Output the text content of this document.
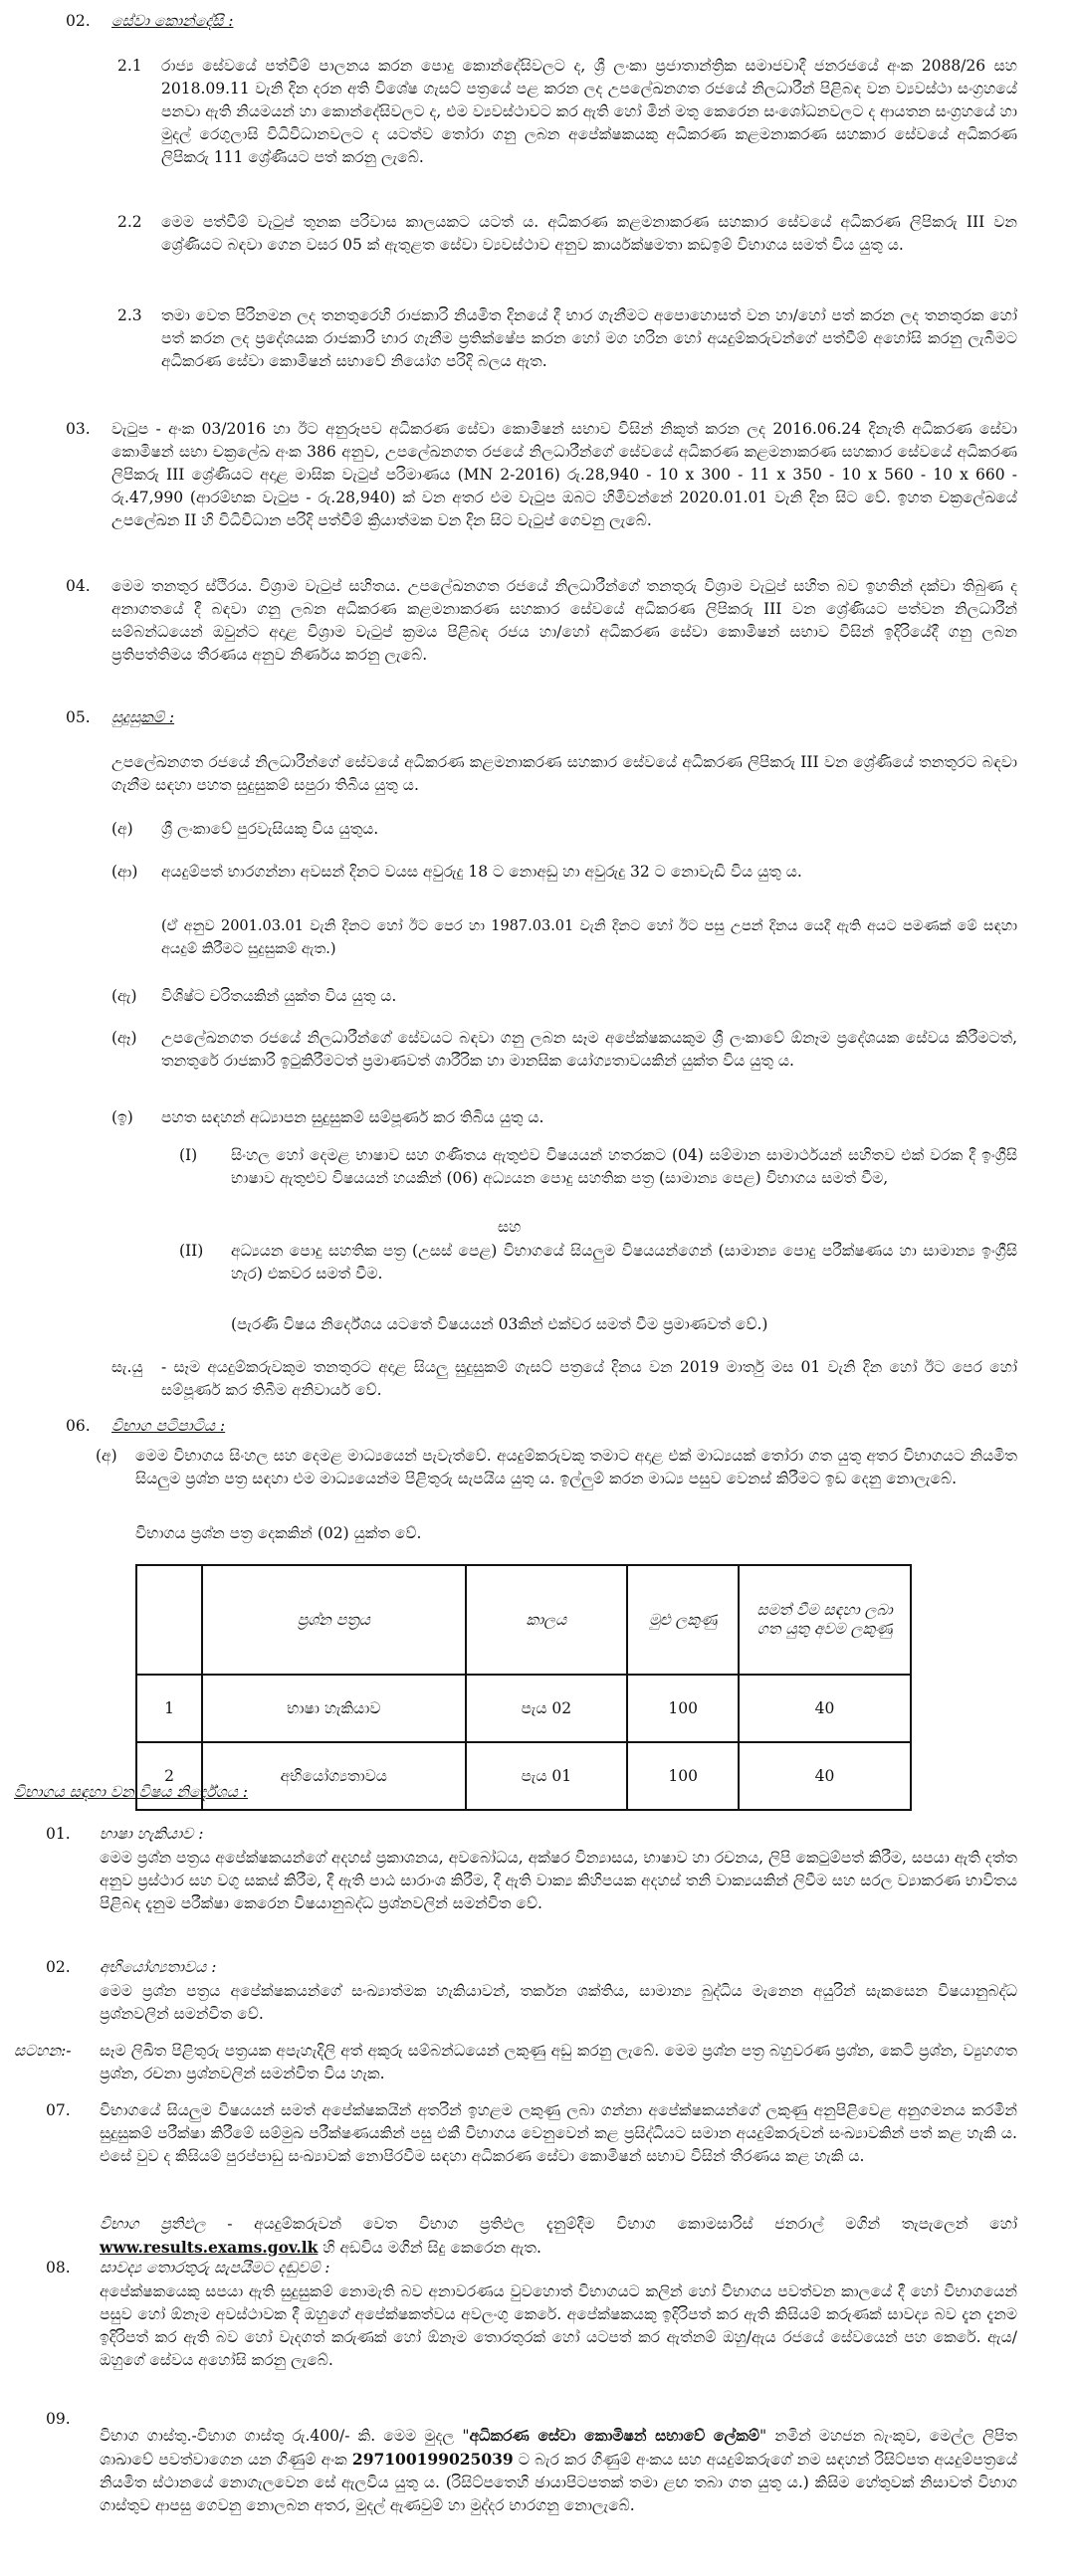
02. සේවා කොන්දේසි :
2.1 රාජ්‍ය සේවයේ පත්වීම් පාලනය කරන පොදු කොන්දේසිවලට ද, ශ්‍රී ලංකා ප්‍රජාතාන්ත්‍රික සමාජවාදී ජනරජයේ අංක 2088/26 සහ 2018.09.11 වැනි දින දරන අති විශේෂ ගැසට් පත්‍රයේ පළ කරන ලද උපලේඛනගත රජයේ නිලධාරීන් පිළිබඳ වන ව්‍යවස්ථා සංග්‍රහයේ පනවා ඇති නියමයන් හා කොන්දේසිවලට ද, එම ව්‍යවස්ථාවට කර ඇති හෝ මින් මතු කෙරෙන සංශෝධනවලට ද ආයතන සංග්‍රහයේ හා මුදල් රෙගුලාසි විධිවිධානවලට ද යටත්ව තෝරා ගනු ලබන අපේක්ෂකයකු අධිකරණ කළමනාකරණ සහකාර සේවයේ අධිකරණ ලිපිකරු 111 ශ්‍රේණියට පත් කරනු ලැබේ.

2.2 මෙම පත්වීම් වැටුප් තුනක පරිවාස කාලයකට යටත් ය. අධිකරණ කළමනාකරණ සහකාර සේවයේ අධිකරණ ලිපිකරු III වන ශ්‍රේණියට බඳවා ගෙන වසර 05 ක් ඇතුළත සේවා ව්‍යවස්ථාව අනුව කාර්යක්ෂමතා කඩඉම් විභාගය සමත් විය යුතු ය.

2.3 තමා වෙත පිරිනමන ලද තනතුරෙහි රාජකාරි නියමිත දිනයේ දී භාර ගැනීමට අපොහොසත් වන හා/හෝ පත් කරන ලද තනතුරක හෝ පත් කරන ලද ප්‍රදේශයක රාජකාරි භාර ගැනීම ප්‍රතික්ෂේප කරන හෝ මග හරින හෝ අයදුම්කරුවන්ගේ පත්වීම් අහෝසි කරනු ලැබීමට අධිකරණ සේවා කොමිෂන් සභාවේ නියෝග පරිදි බලය ඇත.

03. වැටුප - අංක 03/2016 හා ඊට අනුරූපව අධිකරණ සේවා කොමිෂන් සභාව විසින් නිකුත් කරන ලද 2016.06.24 දිනැති අධිකරණ සේවා කොමිෂන් සභා චක්‍රලේඛ අංක 386 අනුව, උපලේඛනගත රජයේ නිලධාරීන්ගේ සේවයේ අධිකරණ කළමනාකරණ සහකාර සේවයේ අධිකරණ ලිපිකරු III ශ්‍රේණියට අදාළ මාසික වැටුප් පරිමාණය (MN 2-2016) රු.28,940 - 10 x 300 - 11 x 350 - 10 x 560 - 10 x 660 - රු.47,990 (ආරම්භක වැටුප - රු.28,940) ක් වන අතර එම වැටුප ඔබට හිමිවන්නේ 2020.01.01 වැනි දින සිට වේ. ඉහත චක්‍රලේඛයේ උපලේඛන II හි විධිවිධාන පරිදි පත්වීම් ක්‍රියාත්මක වන දින සිට වැටුප් ගෙවනු ලැබේ.

04. මෙම තනතුර ස්ථිරය. විශ්‍රාම වැටුප් සහිතය. උපලේඛනගත රජයේ නිලධාරීන්ගේ තනතුරු විශ්‍රාම වැටුප් සහිත බව ඉහතින් දක්වා තිබුණ ද අනාගතයේ දී බඳවා ගනු ලබන අධිකරණ කළමනාකරණ සහකාර සේවයේ අධිකරණ ලිපිකරු III වන ශ්‍රේණියට පත්වන නිලධාරීන් සම්බන්ධයෙන් ඔවුන්ට අදාළ විශ්‍රාම වැටුප් ක්‍රමය පිළිබඳ රජය හා/හෝ අධිකරණ සේවා කොමිෂන් සභාව විසින් ඉදිරියේදී ගනු ලබන ප්‍රතිපත්තිමය තීරණය අනුව නිර්ණය කරනු ලැබේ.

05. සුදුසුකම් :

උපලේඛනගත රජයේ නිලධාරීන්ගේ සේවයේ අධිකරණ කළමනාකරණ සහකාර සේවයේ අධිකරණ ලිපිකරු III වන ශ්‍රේණියේ තනතුරට බඳවා ගැනීම සඳහා පහත සුදුසුකම් සපුරා තිබිය යුතු ය.

(අ) ශ්‍රී ලංකාවේ පුරවැසියකු විය යුතුය.

(ආ) අයදුම්පත් භාරගන්නා අවසන් දිනට වයස අවුරුදු 18 ට නොඅඩු හා අවුරුදු 32 ට නොවැඩි විය යුතු ය.

(ඒ අනුව 2001.03.01 වැනි දිනට හෝ ඊට පෙර හා 1987.03.01 වැනි දිනට හෝ ඊට පසු උපන් දිනය යෙදී ඇති අයට පමණක් මේ සඳහා අයදුම් කිරීමට සුදුසුකම් ඇත.)

(ඇ) විශිෂ්ට චරිතයකින් යුක්ත විය යුතු ය.

(ඈ) උපලේඛනගත රජයේ නිලධාරීන්ගේ සේවයට බඳවා ගනු ලබන සෑම අපේක්ෂකයකුම ශ්‍රී ලංකාවේ ඕනෑම ප්‍රදේශයක සේවය කිරීමටත්, තනතුරේ රාජකාරි ඉටුකිරීමටත් ප්‍රමාණවත් ශාරීරික හා මානසික යෝග්‍යතාවයකින් යුක්ත විය යුතු ය.

(ඉ) පහත සඳහන් අධ්‍යාපන සුදුසුකම් සම්පූර්ණ කර තිබිය යුතු ය.

(I) සිංහල හෝ දෙමළ භාෂාව සහ ගණිතය ඇතුළුව විෂයයන් හතරකට (04) සම්මාන සාමාර්ථයන් සහිතව එක් වරක දී ඉංග්‍රීසි භාෂාව ඇතුළුව විෂයයන් හයකින් (06) අධ්‍යයන පොදු සහතික පත්‍ර (සාමාන්‍ය පෙළ) විභාගය සමත් වීම,

සහ
(II) අධ්‍යයන පොදු සහතික පත්‍ර (උසස් පෙළ) විභාගයේ සියලුම විෂයයන්ගෙන් (සාමාන්‍ය පොදු පරීක්ෂණය හා සාමාන්‍ය ඉංග්‍රීසි හැර) එකවර සමත් වීම.

(පැරණි විෂය නිර්දේශය යටතේ විෂයයන් 03කින් එක්වර සමත් වීම ප්‍රමාණවත් වේ.)

සැ.යු - සෑම අයදුම්කරුවකුම තනතුරට අදාළ සියලු සුදුසුකම් ගැසට් පත්‍රයේ දිනය වන 2019 මාර්තු මස 01 වැනි දින හෝ ඊට පෙර හෝ සම්පූර්ණ කර තිබීම අනිවාර්ය වේ.

06. විභාග පටිපාටිය :
(අ) මෙම විභාගය සිංහල සහ දෙමළ මාධ්‍යයෙන් පැවැත්වේ. අයදුම්කරුවකු තමාට අදාළ එක් මාධ්‍යයක් තෝරා ගත යුතු අතර විභාගයට නියමිත සියලුම ප්‍රශ්න පත්‍ර සඳහා එම මාධ්‍යයෙන්ම පිළිතුරු සැපයිය යුතු ය. ඉල්ලුම් කරන මාධ්‍ය පසුව වෙනස් කිරීමට ඉඩ දෙනු නොලැබේ.

විභාගය ප්‍රශ්න පත්‍ර දෙකකින් (02) යුක්ත වේ.

	ප්‍රශ්න පත්‍රය	කාලය	මුළු ලකුණු	සමත් වීම සඳහා ලබා ගත යුතු අවම ලකුණු
1	භාෂා හැකියාව	පැය 02	100	40
2	අභියෝග්‍යතාවය	පැය 01	100	40
විභාගය සඳහා වන විෂය නිර්දේශය :
01. භාෂා හැකියාව :

මෙම ප්‍රශ්න පත්‍රය අපේක්ෂකයන්ගේ අදහස් ප්‍රකාශනය, අවබෝධය, අක්ෂර වින්‍යාසය, භාෂාව හා රචනය, ලිපි කෙටුම්පත් කිරීම, සපයා ඇති දත්ත අනුව ප්‍රස්ථාර සහ වගු සකස් කිරීම, දී ඇති පාඨ සාරාංශ කිරීම, දී ඇති වාක්‍ය කිහිපයක අදහස් තනි වාක්‍යයකින් ලිවීම සහ සරල ව්‍යාකරණ භාවිතය පිළිබඳ දැනුම පරීක්ෂා කෙරෙන විෂයානුබද්ධ ප්‍රශ්නවලින් සමන්විත වේ.

02. අභියෝග්‍යතාවය :

මෙම ප්‍රශ්න පත්‍රය අපේක්ෂකයන්ගේ සංඛ්‍යාත්මක හැකියාවන්, තර්කන ශක්තිය, සාමාන්‍ය බුද්ධිය මැනෙන අයුරින් සැකසෙන විෂයානුබද්ධ ප්‍රශ්නවලින් සමන්විත වේ.

සටහන:- සෑම ලිඛිත පිළිතුරු පත්‍රයක අපැහැදිලි අත් අකුරු සම්බන්ධයෙන් ලකුණු අඩු කරනු ලැබේ. මෙම ප්‍රශ්න පත්‍ර බහුවරණ ප්‍රශ්න, කෙටි ප්‍රශ්න, ව්‍යුහගත ප්‍රශ්න, රචනා ප්‍රශ්නවලින් සමන්විත විය හැක.

07. විභාගයේ සියලුම විෂයයන් සමත් අපේක්ෂකයින් අතරින් ඉහළම ලකුණු ලබා ගන්නා අපේක්ෂකයන්ගේ ලකුණු අනුපිළිවෙළ අනුගමනය කරමින් සුදුසුකම් පරීක්ෂා කිරීමේ සම්මුඛ පරීක්ෂණයකින් පසු එකී විභාගය වෙනුවෙන් කළ ප්‍රසිද්ධියට සමාන අයදුම්කරුවන් සංඛ්‍යාවකින් පත් කළ හැකි ය. එසේ වුව ද කිසියම් පුරප්පාඩු සංඛ්‍යාවක් නොපිරවීම සඳහා අධිකරණ සේවා කොමිෂන් සභාව විසින් තීරණය කළ හැකි ය.

විභාග ප්‍රතිඵල - අයදුම්කරුවන් වෙත විභාග ප්‍රතිඵල දැනුම්දීම විභාග කොමසාරිස් ජනරාල් මගින් තැපැලෙන් හෝ www.results.exams.gov.lk හි අඩවිය මගින් සිදු කෙරෙන ඇත.

08. සාවද්‍ය තොරතුරු සැපයීමට දඬුවම් :

අපේක්ෂකයෙකු සපයා ඇති සුදුසුකම් නොමැති බව අනාවරණය වුවහොත් විභාගයට කලින් හෝ විභාගය පවත්වන කාලයේ දී හෝ විභාගයෙන් පසුව හෝ ඕනෑම අවස්ථාවක දී ඔහුගේ අපේක්ෂකත්වය අවලංගු කෙරේ. අපේක්ෂකයකු ඉදිරිපත් කර ඇති කිසියම් කරුණක් සාවද්‍ය බව දැන දැනම ඉදිරිපත් කර ඇති බව හෝ වැදගත් කරුණක් හෝ ඕනෑම තොරතුරක් හෝ යටපත් කර ඇත්නම් ඔහු/ඇය රජයේ සේවයෙන් පහ කෙරේ. ඇය/ඔහුගේ සේවය අහෝසි කරනු ලැබේ.

09.

විභාග ගාස්තු.-විභාග ගාස්තු රු.400/- කි. මෙම මුදල "අධිකරණ සේවා කොමිෂන් සභාවේ ලේකම්" නමින් මහජන බැංකුව, මෙල්ල ලිපිත ශාඛාවේ පවත්වාගෙන යන ගිණුම් අංක 297100199025039 ට බැර කර ගිණුම් අංකය සහ අයදුම්කරුගේ නම සඳහන් රිසිට්පත අයදුම්පත්‍රයේ නියමිත ස්ථානයේ නොගැලවෙන සේ ඇලවිය යුතු ය. (රිසිට්පතෙහි ඡායාපිටපතක් තමා ළඟ තබා ගත යුතු ය.) කිසිම හේතුවක් නිසාවත් විභාග ගාස්තුව ආපසු ගෙවනු නොලබන අතර, මුදල් ඇණවුම් හා මුද්දර භාරගනු නොලැබේ.
